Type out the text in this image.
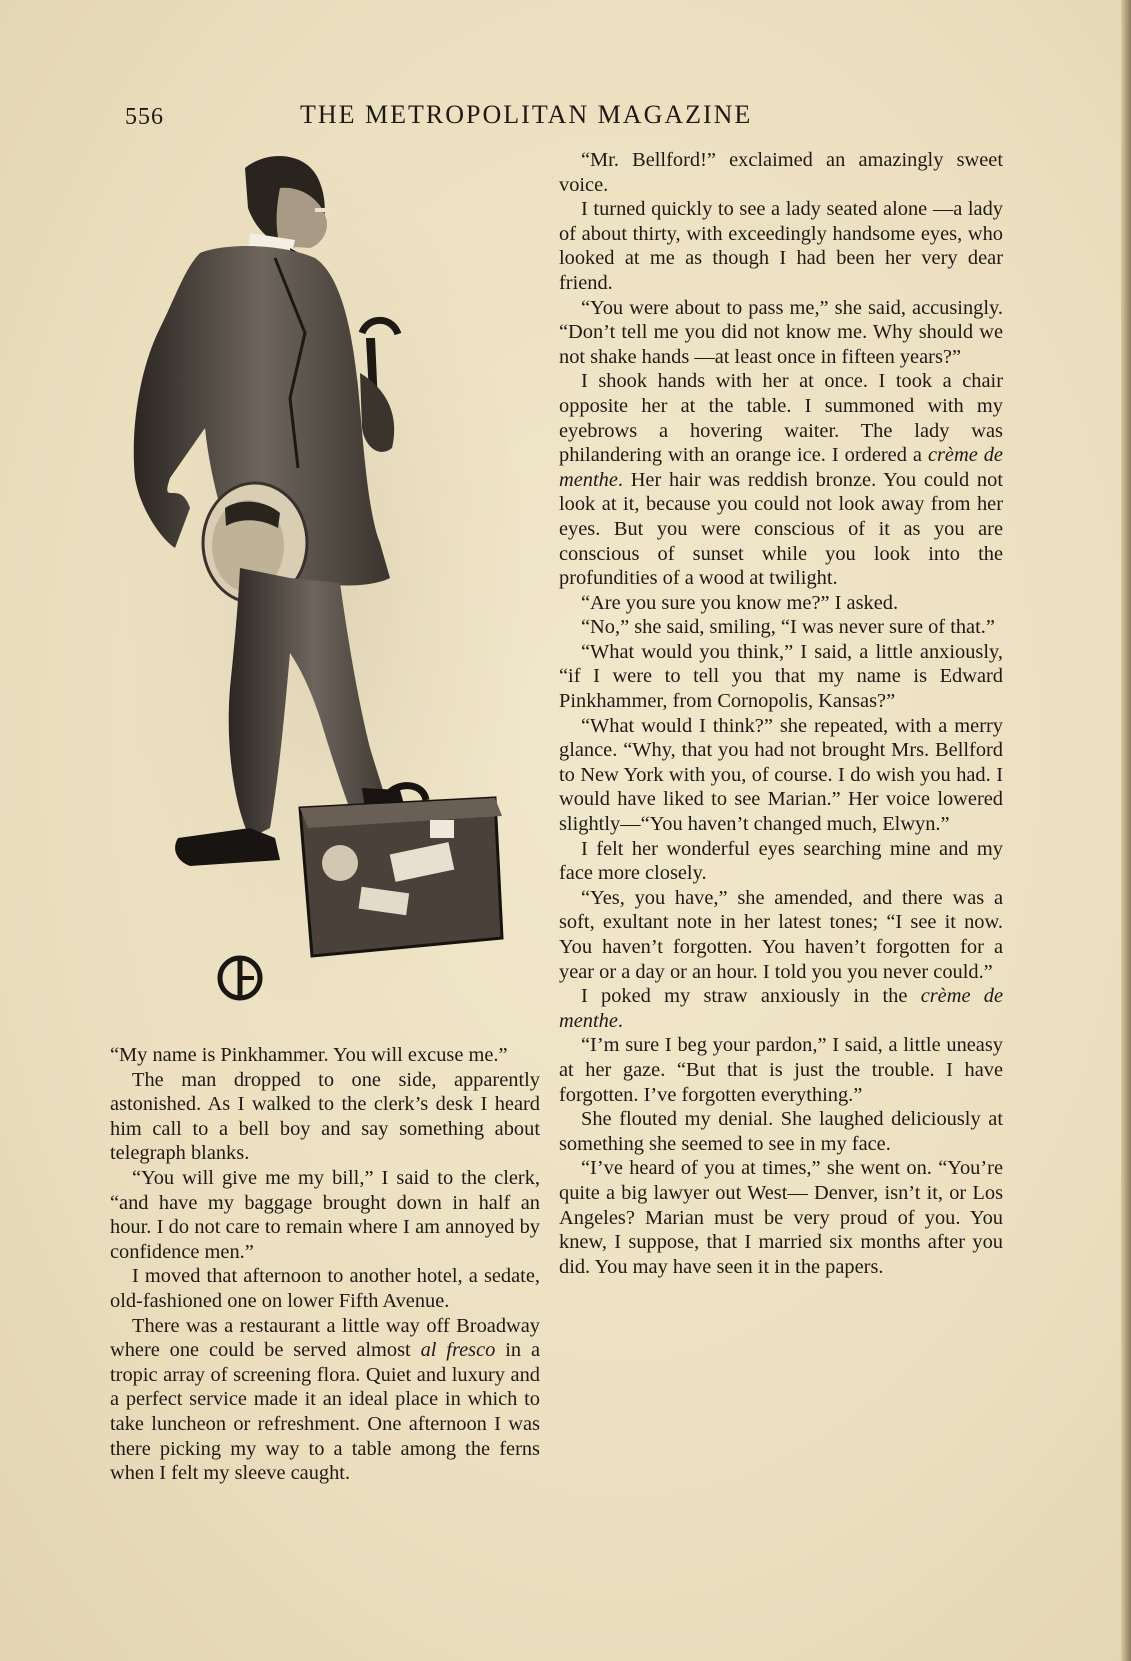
556	THE METROPOLITAN MAGAZINE

“Mr. Bellford!” exclaimed an amazingly sweet voice.

I turned quickly to see a lady seated alone —a lady of about thirty, with exceedingly handsome eyes, who looked at me as though I had been her very dear friend.

“You were about to pass me,” she said, accusingly. “Don’t tell me you did not know me. Why should we not shake hands —at least once in fifteen years?”

I shook hands with her at once. I took a chair opposite her at the table. I summoned with my eyebrows a hovering waiter. The lady was philandering with an orange ice. I ordered a crème de menthe. Her hair was reddish bronze. You could not look at it, because you could not look away from her eyes. But you were conscious of it as you are conscious of sunset while you look into the profundities of a wood at twilight.

“Are you sure you know me?” I asked.

“No,” she said, smiling, “I was never sure of that.”

“What would you think,” I said, a little anxiously, “if I were to tell you that my name is Edward Pinkhammer, from Cornopolis, Kansas?”

“What would I think?” she repeated, with a merry glance. “Why, that you had not brought Mrs. Bellford to New York with you, of course. I do wish you had. I would have liked to see Marian.” Her voice lowered slightly—“You haven’t changed much, Elwyn.”

I felt her wonderful eyes searching mine and my face more closely.

“Yes, you have,” she amended, and there was a soft, exultant note in her latest tones; “I see it now. You haven’t forgotten. You haven’t forgotten for a year or a day or an hour. I told you you never could.”

I poked my straw anxiously in the crème de menthe.

“I’m sure I beg your pardon,” I said, a little uneasy at her gaze. “But that is just the trouble. I have forgotten. I’ve forgotten everything.”

She flouted my denial. She laughed deliciously at something she seemed to see in my face.

“I’ve heard of you at times,” she went on. “You’re quite a big lawyer out West— Denver, isn’t it, or Los Angeles? Marian must be very proud of you. You knew, I suppose, that I married six months after you did. You may have seen it in the papers.

“My name is Pinkhammer. You will excuse me.”

The man dropped to one side, apparently astonished. As I walked to the clerk’s desk I heard him call to a bell boy and say something about telegraph blanks.

“You will give me my bill,” I said to the clerk, “and have my baggage brought down in half an hour. I do not care to remain where I am annoyed by confidence men.”

I moved that afternoon to another hotel, a sedate, old-fashioned one on lower Fifth Avenue.

There was a restaurant a little way off Broadway where one could be served almost al fresco in a tropic array of screening flora. Quiet and luxury and a perfect service made it an ideal place in which to take luncheon or refreshment. One afternoon I was there picking my way to a table among the ferns when I felt my sleeve caught.
